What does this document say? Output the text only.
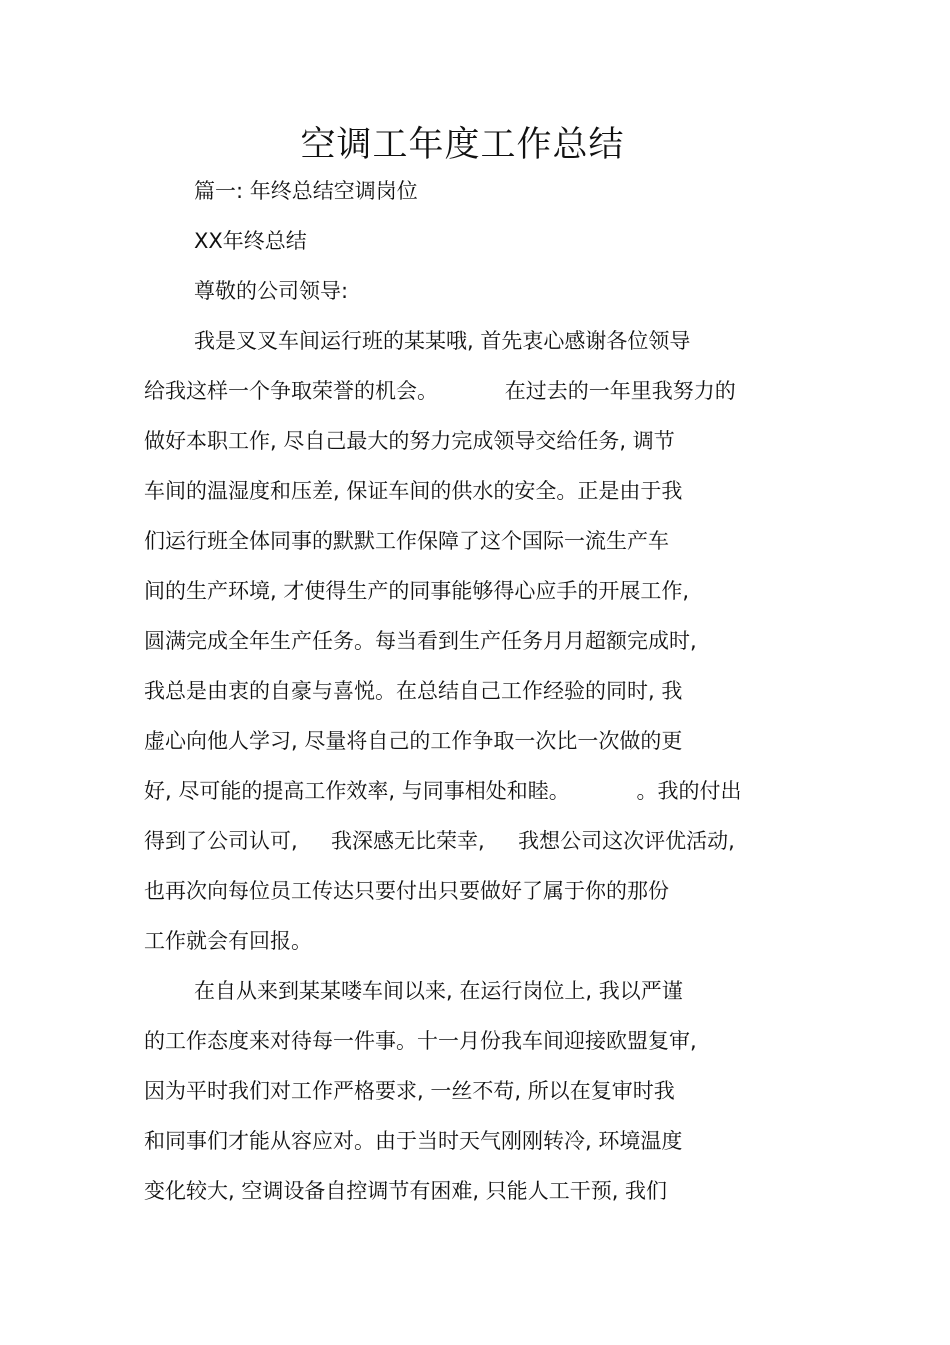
空调工年度工作总结

篇一: 年终总结空调岗位

XX年终总结

尊敬的公司领导:

我是叉叉车间运行班的某某哦, 首先衷心感谢各位领导

给我这样一个争取荣誉的机会。          在过去的一年里我努力的

做好本职工作, 尽自己最大的努力完成领导交给任务, 调节

车间的温湿度和压差, 保证车间的供水的安全。正是由于我

们运行班全体同事的默默工作保障了这个国际一流生产车

间的生产环境, 才使得生产的同事能够得心应手的开展工作,

圆满完成全年生产任务。每当看到生产任务月月超额完成时,

我总是由衷的自豪与喜悦。在总结自己工作经验的同时, 我

虚心向他人学习, 尽量将自己的工作争取一次比一次做的更

好, 尽可能的提高工作效率, 与同事相处和睦。          。我的付出

得到了公司认可,     我深感无比荣幸,     我想公司这次评优活动,

也再次向每位员工传达只要付出只要做好了属于你的那份

工作就会有回报。

在自从来到某某喽车间以来, 在运行岗位上, 我以严谨

的工作态度来对待每一件事。十一月份我车间迎接欧盟复审,

因为平时我们对工作严格要求, 一丝不苟, 所以在复审时我

和同事们才能从容应对。由于当时天气刚刚转冷, 环境温度

变化较大, 空调设备自控调节有困难, 只能人工干预, 我们
